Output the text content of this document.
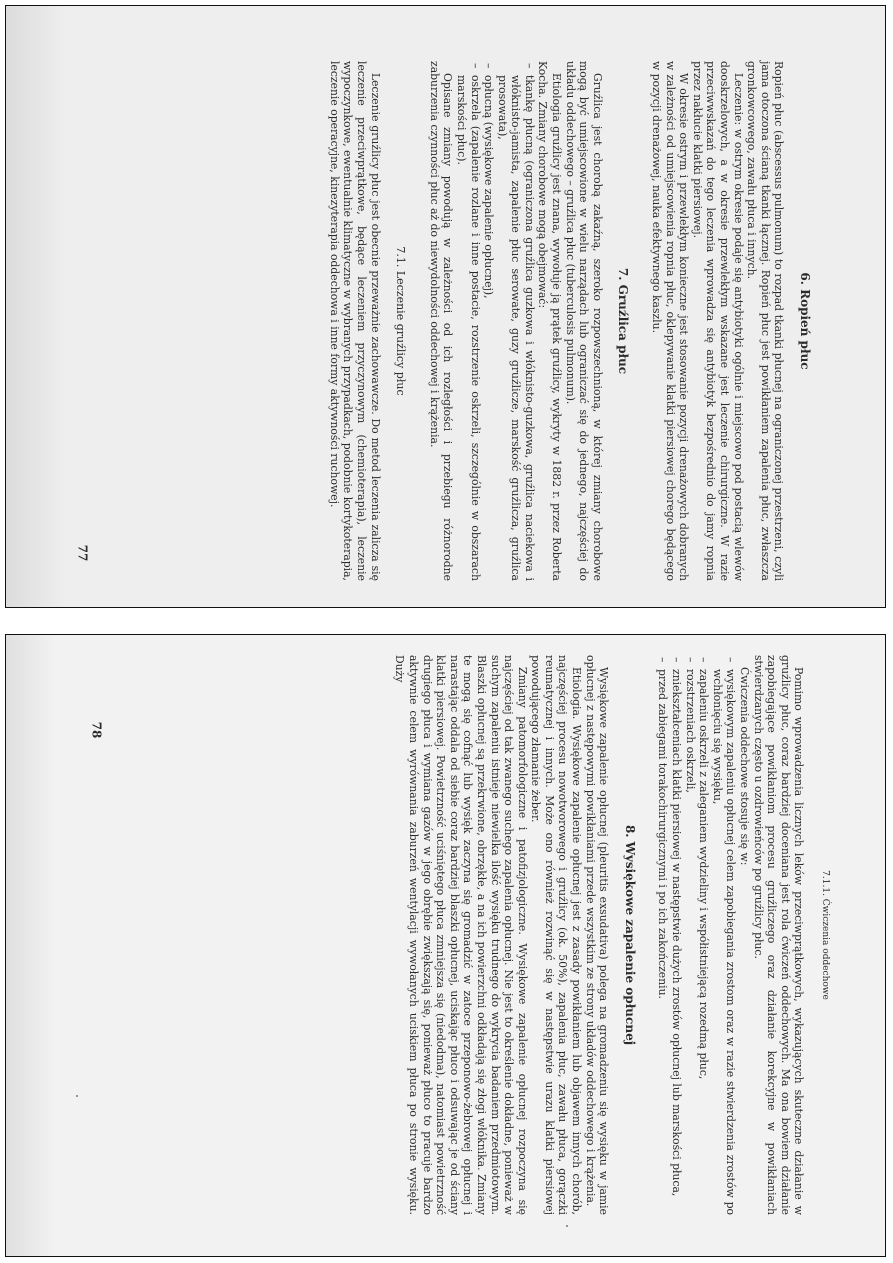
77
6. Ropień płuc

Ropień płuc (abscessus pulmonum) to rozpad tkanki płucnej na ograniczonej przestrzeni, czyli jama otoczona ścianą tkanki łącznej. Ropień płuc jest powikłaniem zapalenia płuc, zwłaszcza gronkowcowego, zawału płuca i innych.

Leczenie: w ostrym okresie podaje się antybiotyki ogólnie i miejscowo pod postacią wlewów dooskrzelowych, a w okresie przewlekłym wskazane jest leczenie chirurgiczne. W razie przeciwwskazań do tego leczenia wprowadza się antybiotyk bezpośrednio do jamy ropnia przez nakłucie klatki piersiowej.

W okresie ostrym i przewlekłym konieczne jest stosowanie pozycji drenażowych dobranych w zależności od umiejscowienia ropnia płuc, oklepywanie klatki piersiowej chorego będącego w pozycji drenażowej, nauka efektywnego kaszlu.

7. Gruźlica płuc

Gruźlica jest chorobą zakaźną, szeroko rozpowszechnioną, w której zmiany chorobowe mogą być umiejscowione w wielu narządach lub ograniczać się do jednego, najczęściej do układu oddechowego – gruźlica płuc (tuberculosis pulmonum).

Etiologia gruźlicy jest znana, wywołuje ją prątek gruźlicy, wykryty w 1882 r. przez Roberta Kocha. Zmiany chorobowe mogą obejmować:

– tkankę płucną (ograniczona gruźlica guzkowa i włóknisto-guzkowa, gruźlica naciekowa i włóknisto-jamista, zapalenie płuc serowate, guzy gruźlicze, marskość gruźlicza, gruźlica prosowata),
– opłucną (wysiękowe zapalenie opłucnej),
– oskrzela (zapalenie rozlane i inne postacie, rozstrzenie oskrzeli, szczególnie w obszarach marskości płuc).

Opisane zmiany powodują w zależności od ich rozległości i przebiegu różnorodne zaburzenia czynności płuc aż do niewydolności oddechowej i krążenia.

7.1. Leczenie gruźlicy płuc

Leczenie gruźlicy płuc jest obecnie przeważnie zachowawcze. Do metod leczenia zalicza się leczenie przeciwprątkowe, będące leczeniem przyczynowym (chemioterapia), leczenie wypoczynkowe, ewentualnie klimatyczne w wybranych przypadkach, podobnie kortykoterapia, leczenie operacyjne, kinezyterapia oddechowa i inne formy aktywności ruchowej.

78
7.1.1. Ćwiczenia oddechowe

Pomimo wprowadzenia licznych leków przeciwprątkowych, wykazujących skuteczne działanie w gruźlicy płuc, coraz bardziej doceniana jest rola ćwiczeń oddechowych. Ma ona bowiem działanie zapobiegające powikłaniom procesu gruźliczego oraz działanie korekcyjne w powikłaniach stwierdzanych często u ozdrowieńców po gruźlicy płuc.

Ćwiczenia oddechowe stosuje się w:

– wysiękowym zapaleniu opłucnej celem zapobiegania zrostom oraz w razie stwierdzenia zrostów po wchłonięciu się wysięku,
– zapaleniu oskrzeli z zaleganiem wydzieliny i współistniejącą rozedmą płuc,
– rozstrzeniach oskrzeli,
– zniekształceniach klatki piersiowej w następstwie dużych zrostów opłucnej lub marskości płuca,
– przed zabiegami torakochirurgicznymi i po ich zakończeniu.
8. Wysiękowe zapalenie opłucnej

Wysiękowe zapalenie opłucnej (pleuritis exsudativa) polega na gromadzeniu się wysięku w jamie opłucnej z następowymi powikłaniami przede wszystkim ze strony układów oddechowego i krążenia.

Etiologia. Wysiękowe zapalenie opłucnej jest z zasady powikłaniem lub objawem innych chorób, najczęściej procesu nowotworowego i gruźlicy (ok. 50%), zapalenia płuc, zawału płuca, gorączki reumatycznej i innych. Może ono również rozwinąć się w następstwie urazu klatki piersiowej powodującego złamanie żeber.

Zmiany patomorfologiczne i patofizjologiczne. Wysiękowe zapalenie opłucnej rozpoczyna się najczęściej od tak zwanego suchego zapalenia opłucnej. Nie jest to określenie dokładne, ponieważ w suchym zapaleniu istnieje niewielka ilość wysięku trudnego do wykrycia badaniem przedmiotowym. Blaszki opłucnej są przekrwione, obrzękłe, a na ich powierzchni odkładają się złogi włóknika. Zmiany te mogą się cofnąć lub wysięk zaczyna się gromadzić w zatoce przeponowo-żebrowej opłucnej i narastając oddala od siebie coraz bardziej blaszki opłucnej, uciskając płuco i odsuwając je od ściany klatki piersiowej. Powietrzność uciśniętego płuca zmniejsza się (niedodma), natomiast powietrzność drugiego płuca i wymiana gazów w jego obrębie zwiększają się, ponieważ płuco to pracuje bardzo aktywnie celem wyrównania zaburzeń wentylacji wywołanych uciskiem płuca po stronie wysięku. Duży
